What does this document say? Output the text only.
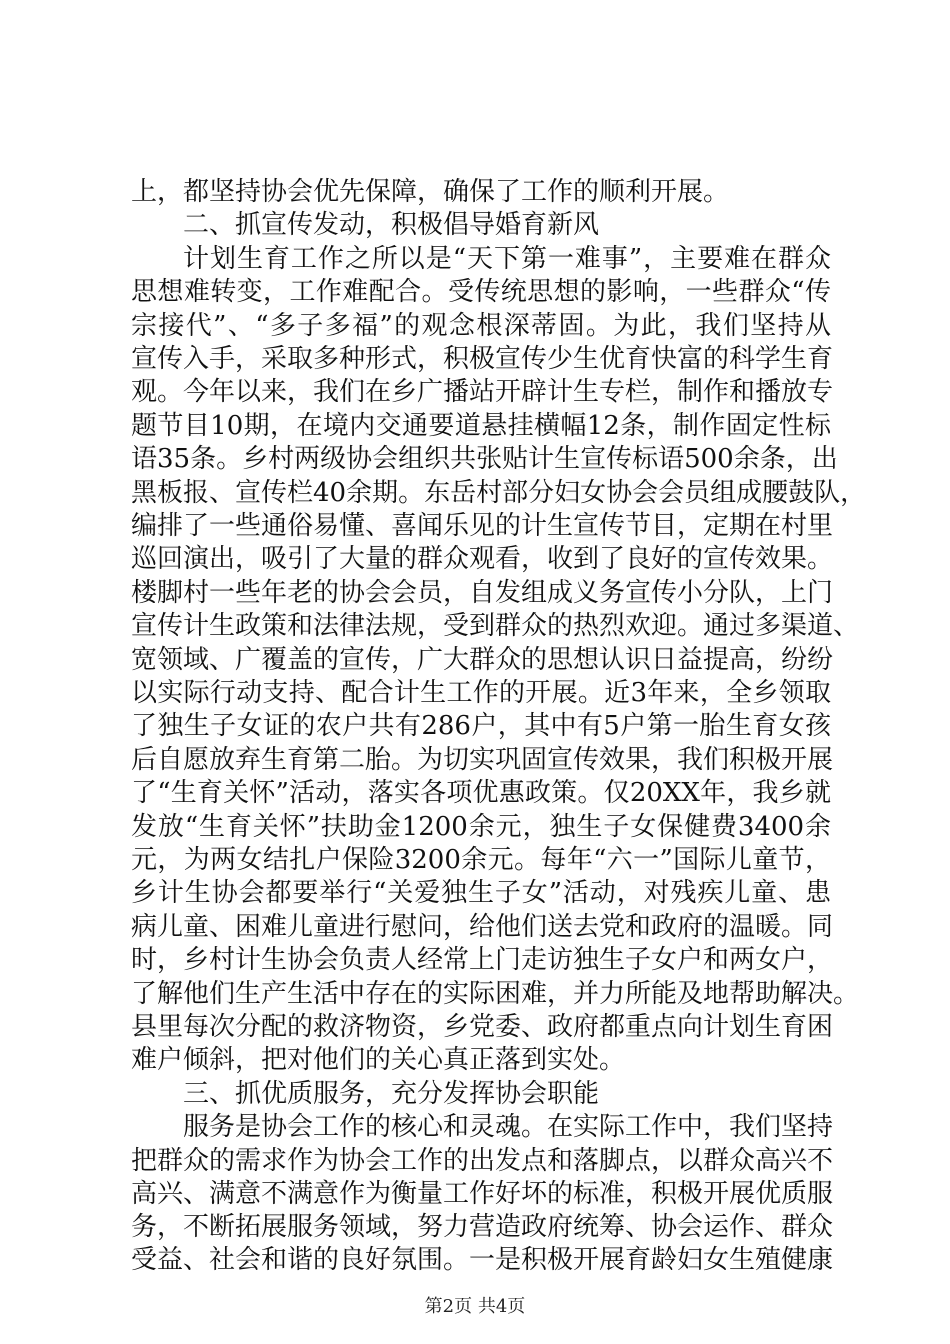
上，都坚持协会优先保障，确保了工作的顺利开展。
二、抓宣传发动，积极倡导婚育新风
计划生育工作之所以是“天下第一难事”，主要难在群众
思想难转变，工作难配合。受传统思想的影响，一些群众“传
宗接代”、“多子多福”的观念根深蒂固。为此，我们坚持从
宣传入手，采取多种形式，积极宣传少生优育快富的科学生育
观。今年以来，我们在乡广播站开辟计生专栏，制作和播放专
题节目10期，在境内交通要道悬挂横幅12条，制作固定性标
语35条。乡村两级协会组织共张贴计生宣传标语500余条，出
黑板报、宣传栏40余期。东岳村部分妇女协会会员组成腰鼓队，
编排了一些通俗易懂、喜闻乐见的计生宣传节目，定期在村里
巡回演出，吸引了大量的群众观看，收到了良好的宣传效果。
楼脚村一些年老的协会会员，自发组成义务宣传小分队，上门
宣传计生政策和法律法规，受到群众的热烈欢迎。通过多渠道、
宽领域、广覆盖的宣传，广大群众的思想认识日益提高，纷纷
以实际行动支持、配合计生工作的开展。近3年来，全乡领取
了独生子女证的农户共有286户，其中有5户第一胎生育女孩
后自愿放弃生育第二胎。为切实巩固宣传效果，我们积极开展
了“生育关怀”活动，落实各项优惠政策。仅20XX年，我乡就
发放“生育关怀”扶助金1200余元，独生子女保健费3400余
元，为两女结扎户保险3200余元。每年“六一”国际儿童节，
乡计生协会都要举行“关爱独生子女”活动，对残疾儿童、患
病儿童、困难儿童进行慰问，给他们送去党和政府的温暖。同
时，乡村计生协会负责人经常上门走访独生子女户和两女户，
了解他们生产生活中存在的实际困难，并力所能及地帮助解决。
县里每次分配的救济物资，乡党委、政府都重点向计划生育困
难户倾斜，把对他们的关心真正落到实处。
三、抓优质服务，充分发挥协会职能
服务是协会工作的核心和灵魂。在实际工作中，我们坚持
把群众的需求作为协会工作的出发点和落脚点，以群众高兴不
高兴、满意不满意作为衡量工作好坏的标准，积极开展优质服
务，不断拓展服务领域，努力营造政府统筹、协会运作、群众
受益、社会和谐的良好氛围。一是积极开展育龄妇女生殖健康
第2页 共4页
